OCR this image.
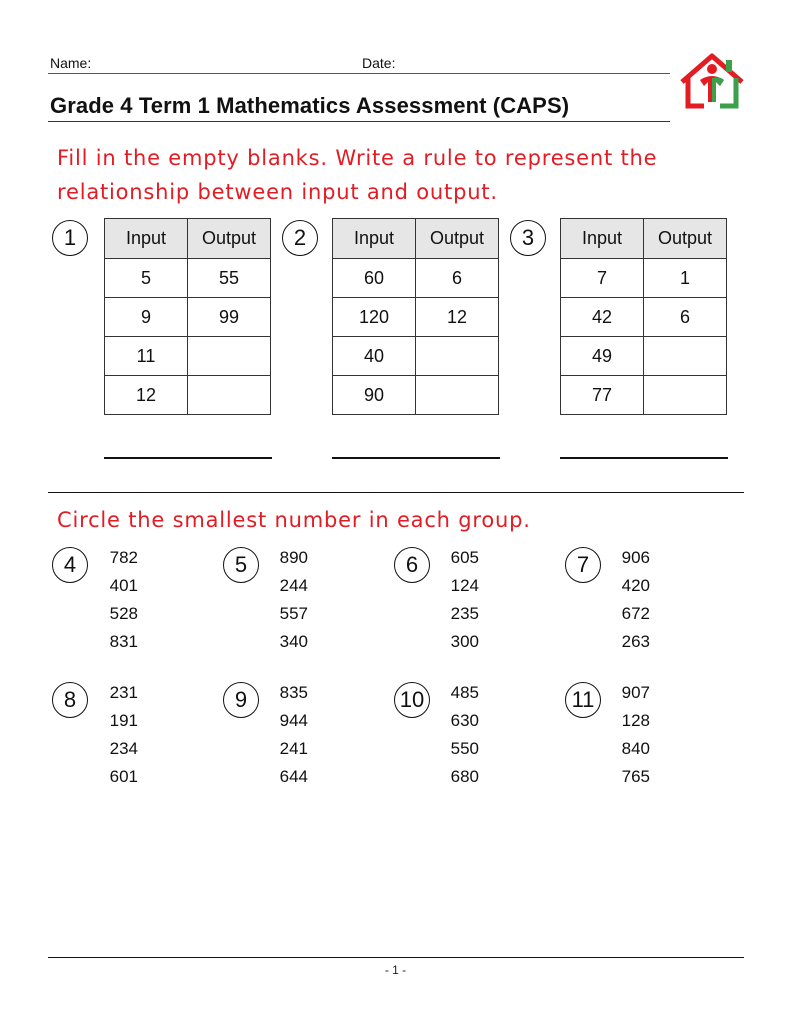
Name:	Date:
Grade 4 Term 1 Mathematics Assessment (CAPS)
Fill in the empty blanks. Write a rule to represent the
relationship between input and output.
1	Input	Output
5	55
9	99
11	
12	
2	Input	Output
60	6
120	12
40	
90	
3	Input	Output
7	1
42	6
49	
77	
Circle the smallest number in each group.
4	782
401
528
831
5	890
244
557
340
6	605
124
235
300
7	906
420
672
263
8	231
191
234
601
9	835
944
241
644
10	485
630
550
680
11	907
128
840
765
- 1 -
